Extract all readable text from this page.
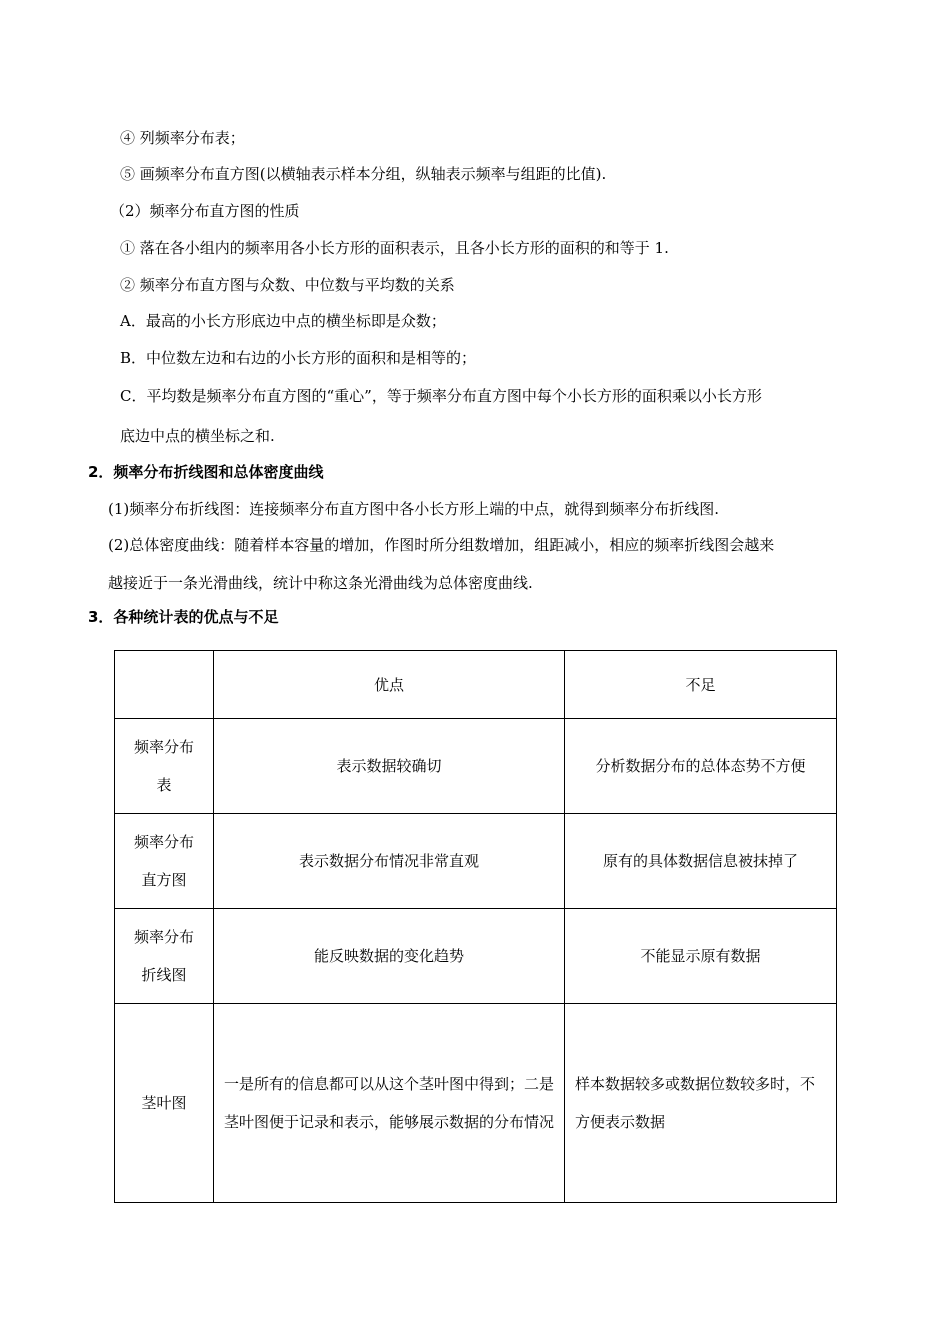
④ 列频率分布表；
⑤ 画频率分布直方图(以横轴表示样本分组，纵轴表示频率与组距的比值).
（2）频率分布直方图的性质
① 落在各小组内的频率用各小长方形的面积表示，且各小长方形的面积的和等于 1.
② 频率分布直方图与众数、中位数与平均数的关系
A．最高的小长方形底边中点的横坐标即是众数；
B．中位数左边和右边的小长方形的面积和是相等的；
C．平均数是频率分布直方图的“重心”，等于频率分布直方图中每个小长方形的面积乘以小长方形
底边中点的横坐标之和.
2．频率分布折线图和总体密度曲线
(1)频率分布折线图：连接频率分布直方图中各小长方形上端的中点，就得到频率分布折线图.
(2)总体密度曲线：随着样本容量的增加，作图时所分组数增加，组距减小，相应的频率折线图会越来
越接近于一条光滑曲线，统计中称这条光滑曲线为总体密度曲线.
3．各种统计表的优点与不足
	优点	不足
频率分布
表	表示数据较确切	分析数据分布的总体态势不方便
频率分布
直方图	表示数据分布情况非常直观	原有的具体数据信息被抹掉了
频率分布
折线图	能反映数据的变化趋势	不能显示原有数据
茎叶图	一是所有的信息都可以从这个茎叶图中得到；二是茎叶图便于记录和表示，能够展示数据的分布情况	样本数据较多或数据位数较多时，不方便表示数据
